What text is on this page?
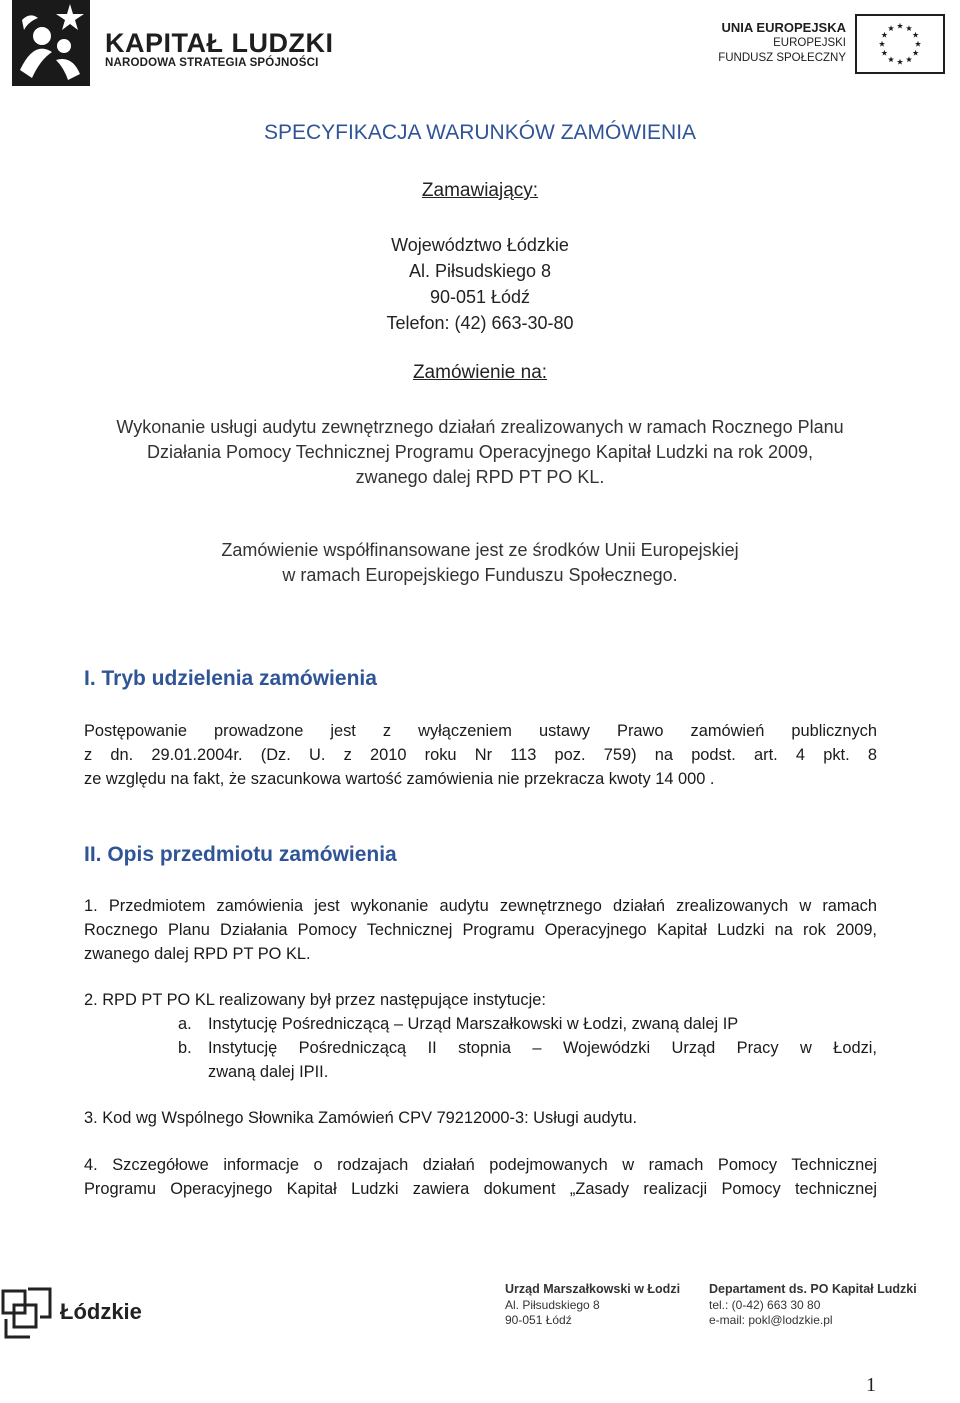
KAPITAŁ LUDZKI
NARODOWA STRATEGIA SPÓJNOŚCI
UNIA EUROPEJSKA
EUROPEJSKI
FUNDUSZ SPOŁECZNY
SPECYFIKACJA WARUNKÓW ZAMÓWIENIA
Zamawiający:
Województwo Łódzkie
Al. Piłsudskiego 8
90-051 Łódź
Telefon: (42) 663-30-80
Zamówienie na:
Wykonanie usługi audytu zewnętrznego działań zrealizowanych w ramach Rocznego Planu
Działania Pomocy Technicznej Programu Operacyjnego Kapitał Ludzki na rok 2009,
zwanego dalej RPD PT PO KL.
Zamówienie współfinansowane jest ze środków Unii Europejskiej
w ramach Europejskiego Funduszu Społecznego.
I. Tryb udzielenia zamówienia
Postępowanie prowadzone jest z wyłączeniem ustawy Prawo zamówień publicznych
z dn. 29.01.2004r. (Dz. U. z 2010 roku Nr 113 poz. 759) na podst. art. 4 pkt. 8
ze względu na fakt, że szacunkowa wartość zamówienia nie przekracza kwoty 14 000 .
II. Opis przedmiotu zamówienia
1. Przedmiotem zamówienia jest wykonanie audytu zewnętrznego działań zrealizowanych w ramach
Rocznego Planu Działania Pomocy Technicznej Programu Operacyjnego Kapitał Ludzki na rok 2009,
zwanego dalej RPD PT PO KL.
2. RPD PT PO KL realizowany był przez następujące instytucje:
a. Instytucję Pośredniczącą – Urząd Marszałkowski w Łodzi, zwaną dalej IP
b. Instytucję Pośredniczącą II stopnia – Wojewódzki Urząd Pracy w Łodzi,
zwaną dalej IPII.
3. Kod wg Wspólnego Słownika Zamówień CPV 79212000-3: Usługi audytu.
4. Szczegółowe informacje o rodzajach działań podejmowanych w ramach Pomocy Technicznej
Programu Operacyjnego Kapitał Ludzki zawiera dokument „Zasady realizacji Pomocy technicznej
Łódzkie
Urząd Marszałkowski w Łodzi
Al. Piłsudskiego 8
90-051 Łódź
Departament ds. PO Kapitał Ludzki
tel.: (0-42) 663 30 80
e-mail: pokl@lodzkie.pl
1
